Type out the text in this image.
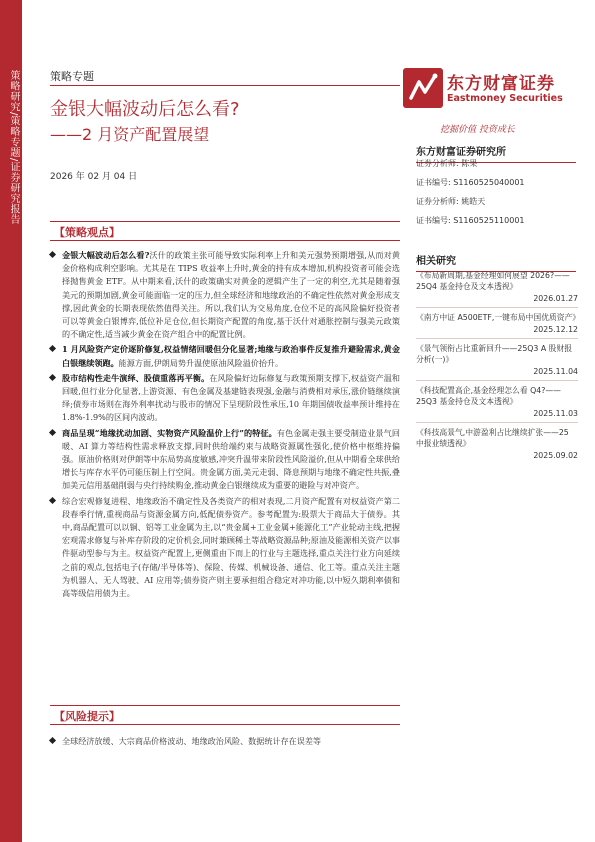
策略研究/策略专题/证券研究报告	策略专题
金银大幅波动后怎么看?
——2 月资产配置展望
2026 年 02 月 04 日
东方财富证券
Eastmoney Securities
挖掘价值 投资成长
东方财富证券研究所
证券分析师: 陈果
证书编号: S1160525040001
证券分析师: 姚皓天
证书编号: S1160525110001
相关研究
《布局新周期,基金经理如何展望 2026?——25Q4 基金持仓及文本透视》
2026.01.27
《南方中证 A500ETF,一键布局中国优质资产》
2025.12.12
《景气领衔占比重新回升——25Q3 A 股财报分析(一)》
2025.11.04
《科技配置高企,基金经理怎么看 Q4?——25Q3 基金持仓及文本透视》
2025.11.03
《科技高景气,中游盈利占比继续扩张——25 中报业绩透视》
2025.09.02
【策略观点】
金银大幅波动后怎么看?沃什的政策主张可能导致实际利率上升和美元强势预期增强,从而对黄金价格构成利空影响。尤其是在 TIPS 收益率上升时,黄金的持有成本增加,机构投资者可能会选择抛售黄金 ETF。从中期来看,沃什的政策确实对黄金的逻辑产生了一定的利空,尤其是随着强美元的预期加剧,黄金可能面临一定的压力,但全球经济和地缘政治的不确定性依然对黄金形成支撑,因此黄金的长期表现依然值得关注。所以,我们认为交易角度,仓位不足的高风险偏好投资者可以等黄金白银博弈,低位补足仓位,但长期资产配置的角度,基于沃什对通胀控制与强美元政策的不确定性,适当减少黄金在资产组合中的配置比例。
1 月风险资产定价逐阶修复,权益情绪回暖但分化显著;地缘与政治事件反复推升避险需求,黄金白银继续领跑。能源方面,伊朗局势升温使原油风险溢价抬升。
股市结构性走牛演绎、股债重落再平衡。在风险偏好边际修复与政策预期支撑下,权益资产温和回暖,但行业分化显著,上游资源、有色金属及基建链表现强,金融与消费相对承压,涨价链继续演绎;债券市场则在海外利率扰动与股市的情况下呈现阶段性承压,10 年期国债收益率预计维持在 1.8%-1.9%的区间内波动。
商品呈现“地缘扰动加剧、实物资产风险温价上行”的特征。有色金属走强主要受制造业景气回暖、AI 算力等结构性需求释放支撑,同时供给端约束与战略资源属性强化,使价格中枢维持偏强。原油价格则对伊朗等中东局势高度敏感,冲突升温带来阶段性风险溢价,但从中期看全球供给增长与库存水平仍可能压制上行空间。贵金属方面,美元走弱、降息预期与地缘不确定性共振,叠加美元信用基础削弱与央行持续购金,推动黄金白银继续成为重要的避险与对冲资产。
综合宏观修复进程、地缘政治不确定性及各类资产的相对表现,二月资产配置有对权益资产第二段春季行情,重视商品与资源金属方向,低配债券资产。参考配置为:股票大于商品大于债券。其中,商品配置可以以铜、铝等工业金属为主,以“贵金属+工业金属+能源化工”产业轮动主线,把握宏观需求修复与补库存阶段的定价机会,同时兼顾稀土等战略资源品种;原油及能源相关资产以事件驱动型参与为主。权益资产配置上,更侧重由下而上的行业与主题选择,重点关注行业方向延续之前的观点,包括电子(存储/半导体等)、保险、传媒、机械设备、通信、化工等。重点关注主题为机器人、无人驾驶、AI 应用等;债券资产则主要承担组合稳定对冲功能,以中短久期利率债和高等级信用债为主。
【风险提示】
全球经济放缓、大宗商品价格波动、地缘政治风险、数据统计存在误差等
